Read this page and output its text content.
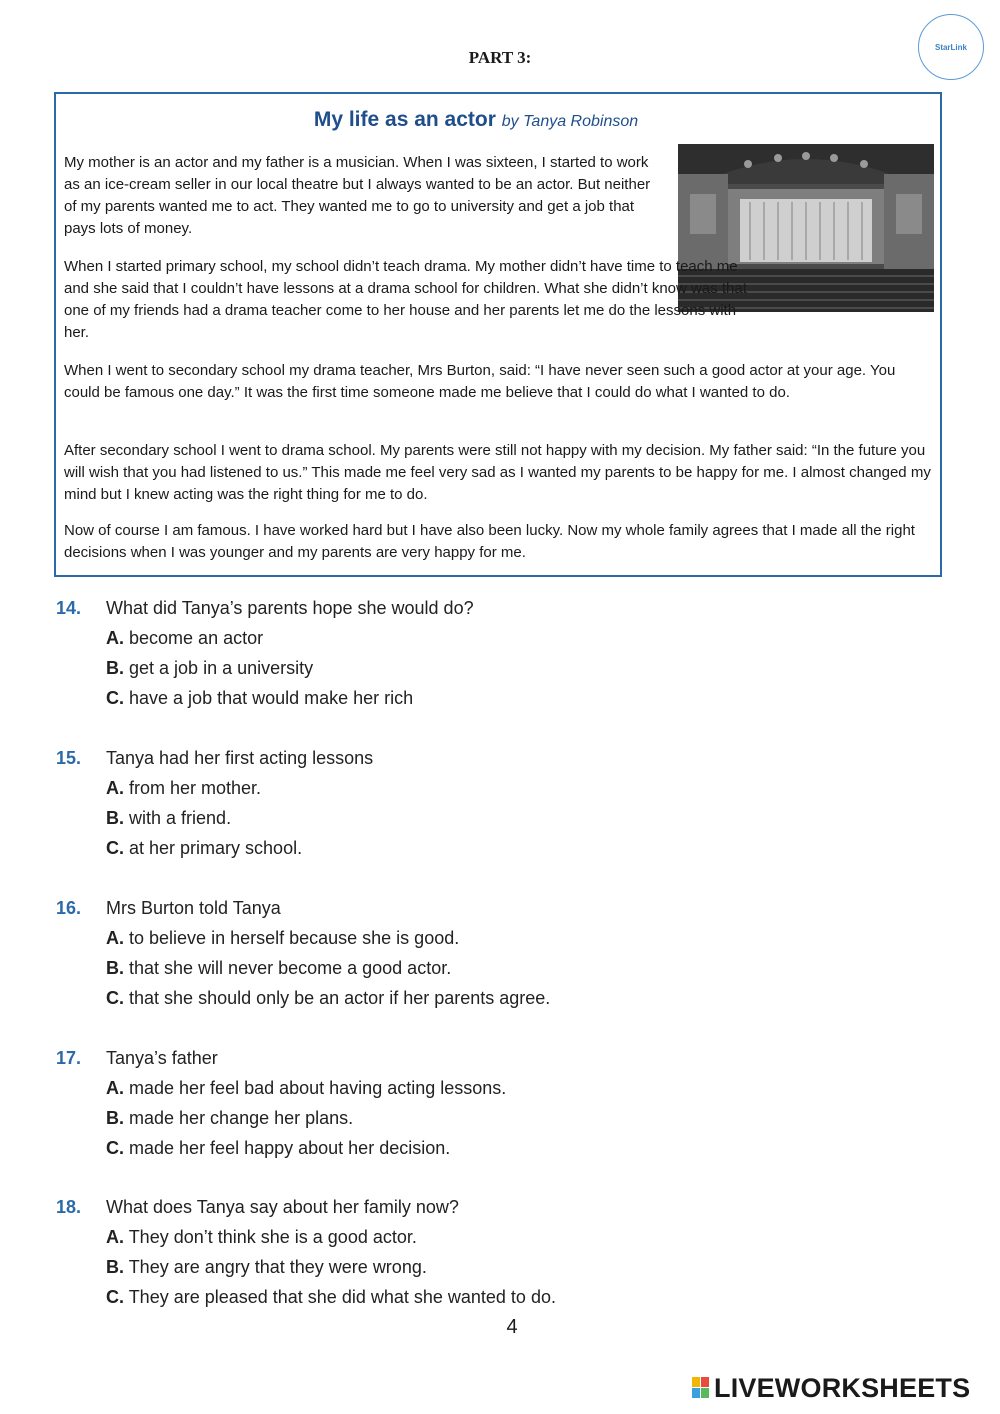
PART 3:
StarLink
My life as an actor by Tanya Robinson
My mother is an actor and my father is a musician. When I was sixteen, I started to work as an ice-cream seller in our local theatre but I always wanted to be an actor. But neither of my parents wanted me to act. They wanted me to go to university and get a job that pays lots of money.
When I started primary school, my school didn’t teach drama. My mother didn’t have time to teach me and she said that I couldn’t have lessons at a drama school for children. What she didn’t know was that one of my friends had a drama teacher come to her house and her parents let me do the lessons with her.
When I went to secondary school my drama teacher, Mrs Burton, said: “I have never seen such a good actor at your age. You could be famous one day.” It was the first time someone made me believe that I could do what I wanted to do.
After secondary school I went to drama school. My parents were still not happy with my decision. My father said: “In the future you will wish that you had listened to us.” This made me feel very sad as I wanted my parents to be happy for me. I almost changed my mind but I knew acting was the right thing for me to do.
Now of course I am famous. I have worked hard but I have also been lucky. Now my whole family agrees that I made all the right decisions when I was younger and my parents are very happy for me.
14. What did Tanya’s parents hope she would do?
A. become an actor
B. get a job in a university
C. have a job that would make her rich
15. Tanya had her first acting lessons
A. from her mother.
B. with a friend.
C. at her primary school.
16. Mrs Burton told Tanya
A. to believe in herself because she is good.
B. that she will never become a good actor.
C. that she should only be an actor if her parents agree.
17. Tanya’s father
A. made her feel bad about having acting lessons.
B. made her change her plans.
C. made her feel happy about her decision.
18. What does Tanya say about her family now?
A. They don’t think she is a good actor.
B. They are angry that they were wrong.
C. They are pleased that she did what she wanted to do.
4
LIVEWORKSHEETS
